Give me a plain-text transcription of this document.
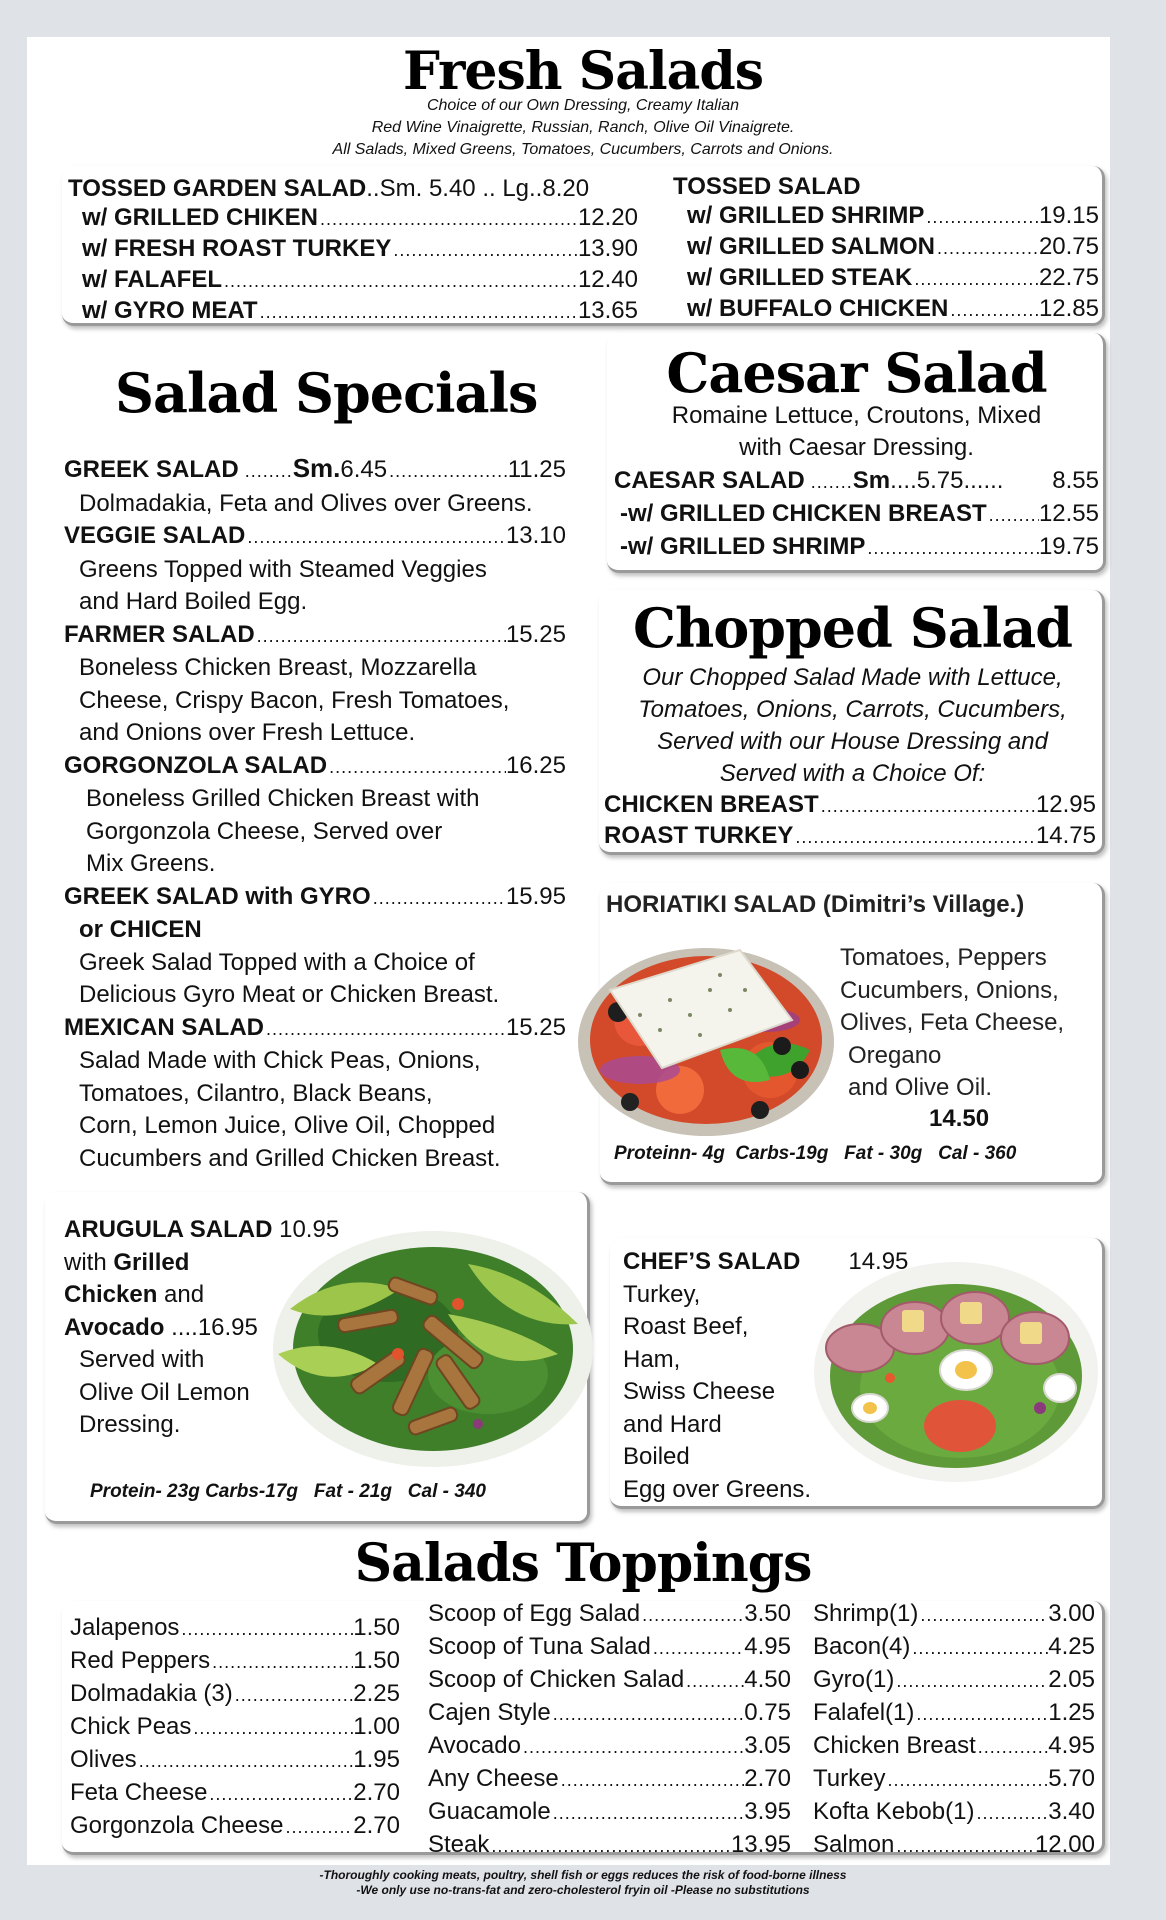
Fresh Salads
Choice of our Own Dressing, Creamy Italian
Red Wine Vinaigrette, Russian, Ranch, Olive Oil Vinaigrete.
All Salads, Mixed Greens, Tomatoes, Cucumbers, Carrots and Onions.
TOSSED GARDEN SALAD ..Sm. 5.40 .. Lg..8.20
w/ GRILLED CHIKEN .....	12.20
w/ FRESH ROAST TURKEY .....	13.90
w/ FALAFEL .....	12.40
w/ GYRO MEAT .....	13.65
TOSSED SALAD
w/ GRILLED SHRIMP .....	19.15
w/ GRILLED SALMON .....	20.75
w/ GRILLED STEAK .....	22.75
w/ BUFFALO CHICKEN .....	12.85
Salad Specials
GREEK SALAD ........ Sm. 6.45 .....	11.25
Dolmadakia, Feta and Olives over Greens.
VEGGIE SALAD .....	13.10
Greens Topped with Steamed Veggies
and Hard Boiled Egg.
FARMER SALAD .....	15.25
Boneless Chicken Breast, Mozzarella
Cheese, Crispy Bacon, Fresh Tomatoes,
and Onions over Fresh Lettuce.
GORGONZOLA SALAD .....	16.25
Boneless Grilled Chicken Breast with
Gorgonzola Cheese, Served over
Mix Greens.
GREEK SALAD with GYRO .....	15.95
or CHICEN
Greek Salad Topped with a Choice of
Delicious Gyro Meat or Chicken Breast.
MEXICAN SALAD .....	15.25
Salad Made with Chick Peas, Onions,
Tomatoes, Cilantro, Black Beans,
Corn, Lemon Juice, Olive Oil, Chopped
Cucumbers and Grilled Chicken Breast.
Caesar Salad
Romaine Lettuce, Croutons, Mixed
with Caesar Dressing.
CAESAR SALAD ....... Sm ....5.75...... 8.55
-w/ GRILLED CHICKEN BREAST ..... 12.55
-w/ GRILLED SHRIMP .....	19.75
Chopped Salad
Our Chopped Salad Made with Lettuce,
Tomatoes, Onions, Carrots, Cucumbers,
Served with our House Dressing and
Served with a Choice Of:
CHICKEN BREAST .....	12.95
ROAST TURKEY .....	14.75
HORIATIKI SALAD (Dimitri’s Village.)
Tomatoes, Peppers
Cucumbers, Onions,
Olives, Feta Cheese,
Oregano
and Olive Oil.
14.50
Proteinn- 4g  Carbs-19g   Fat - 30g   Cal - 360
ARUGULA SALAD 10.95
with Grilled
Chicken and
Avocado ....16.95
Served with
Olive Oil Lemon
Dressing.
Protein- 23g Carbs-17g   Fat - 21g   Cal - 340
CHEF’S SALAD 14.95
Turkey,
Roast Beef,
Ham,
Swiss Cheese
and Hard
Boiled
Egg over Greens.
Salads Toppings
Jalapenos .....	1.50
Red Peppers .....	1.50
Dolmadakia (3) .....	2.25
Chick Peas .....	1.00
Olives .....	1.95
Feta Cheese .....	2.70
Gorgonzola Cheese .....	2.70
Scoop of Egg Salad .....	3.50
Scoop of Tuna Salad .....	4.95
Scoop of Chicken Salad .....	4.50
Cajen Style .....	0.75
Avocado .....	3.05
Any Cheese .....	2.70
Guacamole .....	3.95
Steak .....	13.95
Shrimp(1) .....	3.00
Bacon(4) .....	4.25
Gyro(1) .....	2.05
Falafel(1) .....	1.25
Chicken Breast .....	4.95
Turkey .....	5.70
Kofta Kebob(1) .....	3.40
Salmon .....	12.00
-Thoroughly cooking meats, poultry, shell fish or eggs reduces the risk of food-borne illness
-We only use no-trans-fat and zero-cholesterol fryin oil -Please no substitutions
